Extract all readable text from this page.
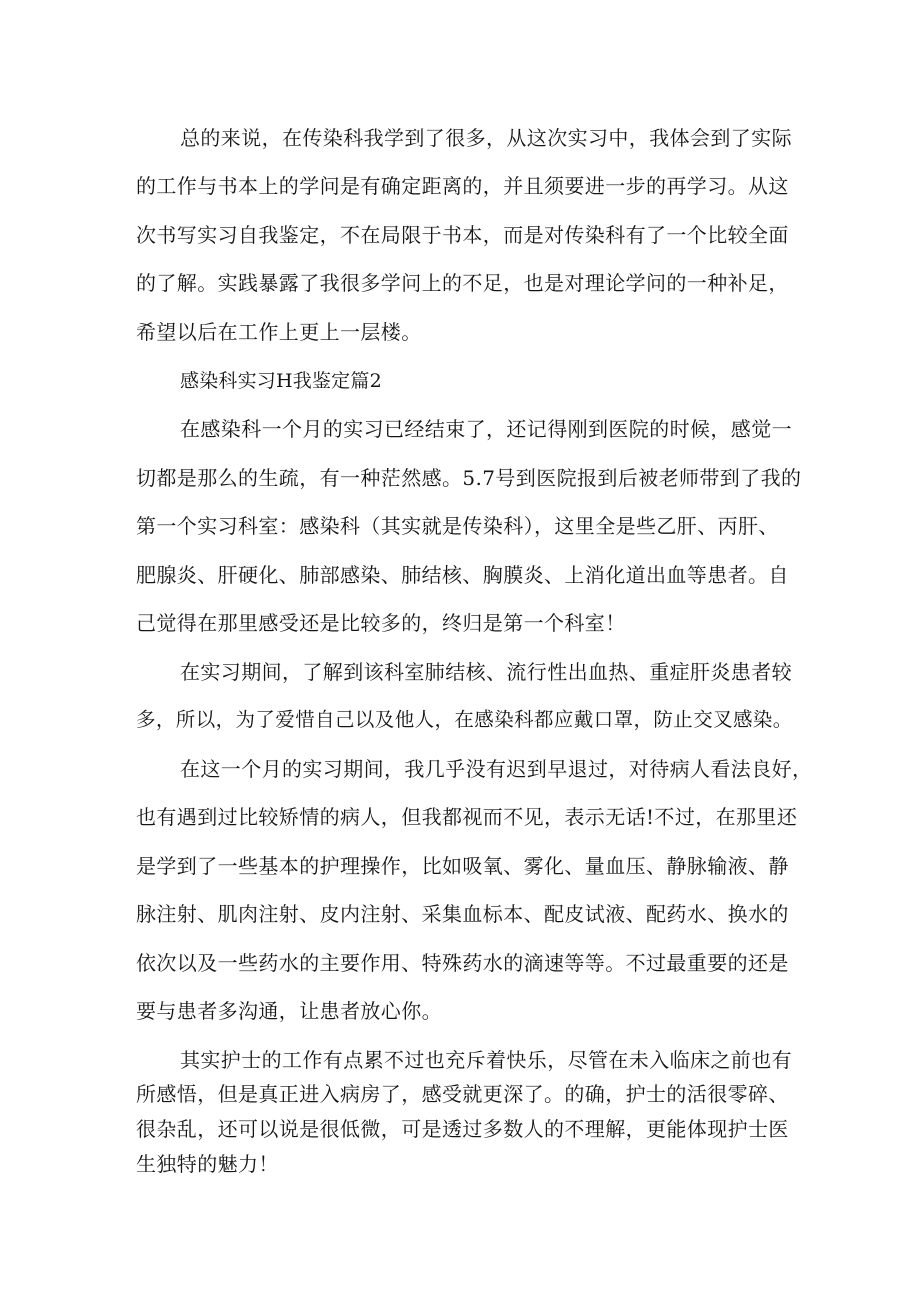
总的来说，在传染科我学到了很多，从这次实习中，我体会到了实际
的工作与书本上的学问是有确定距离的，并且须要进一步的再学习。从这
次书写实习自我鉴定，不在局限于书本，而是对传染科有了一个比较全面
的了解。实践暴露了我很多学问上的不足，也是对理论学问的一种补足，
希望以后在工作上更上一层楼。
感染科实习H我鉴定篇2
在感染科一个月的实习已经结束了，还记得刚到医院的时候，感觉一
切都是那么的生疏，有一种茫然感。5.7号到医院报到后被老师带到了我的
第一个实习科室：感染科（其实就是传染科），这里全是些乙肝、丙肝、
肥腺炎、肝硬化、肺部感染、肺结核、胸膜炎、上消化道出血等患者。自
己觉得在那里感受还是比较多的，终归是第一个科室！
在实习期间，了解到该科室肺结核、流行性出血热、重症肝炎患者较
多，所以，为了爱惜自己以及他人，在感染科都应戴口罩，防止交叉感染。
在这一个月的实习期间，我几乎没有迟到早退过，对待病人看法良好，
也有遇到过比较矫情的病人，但我都视而不见，表示无话!不过，在那里还
是学到了一些基本的护理操作，比如吸氧、雾化、量血压、静脉输液、静
脉注射、肌肉注射、皮内注射、采集血标本、配皮试液、配药水、换水的
依次以及一些药水的主要作用、特殊药水的滴速等等。不过最重要的还是
要与患者多沟通，让患者放心你。
其实护士的工作有点累不过也充斥着快乐，尽管在未入临床之前也有
所感悟，但是真正进入病房了，感受就更深了。的确，护士的活很零碎、
很杂乱，还可以说是很低微，可是透过多数人的不理解，更能体现护士医
生独特的魅力！
